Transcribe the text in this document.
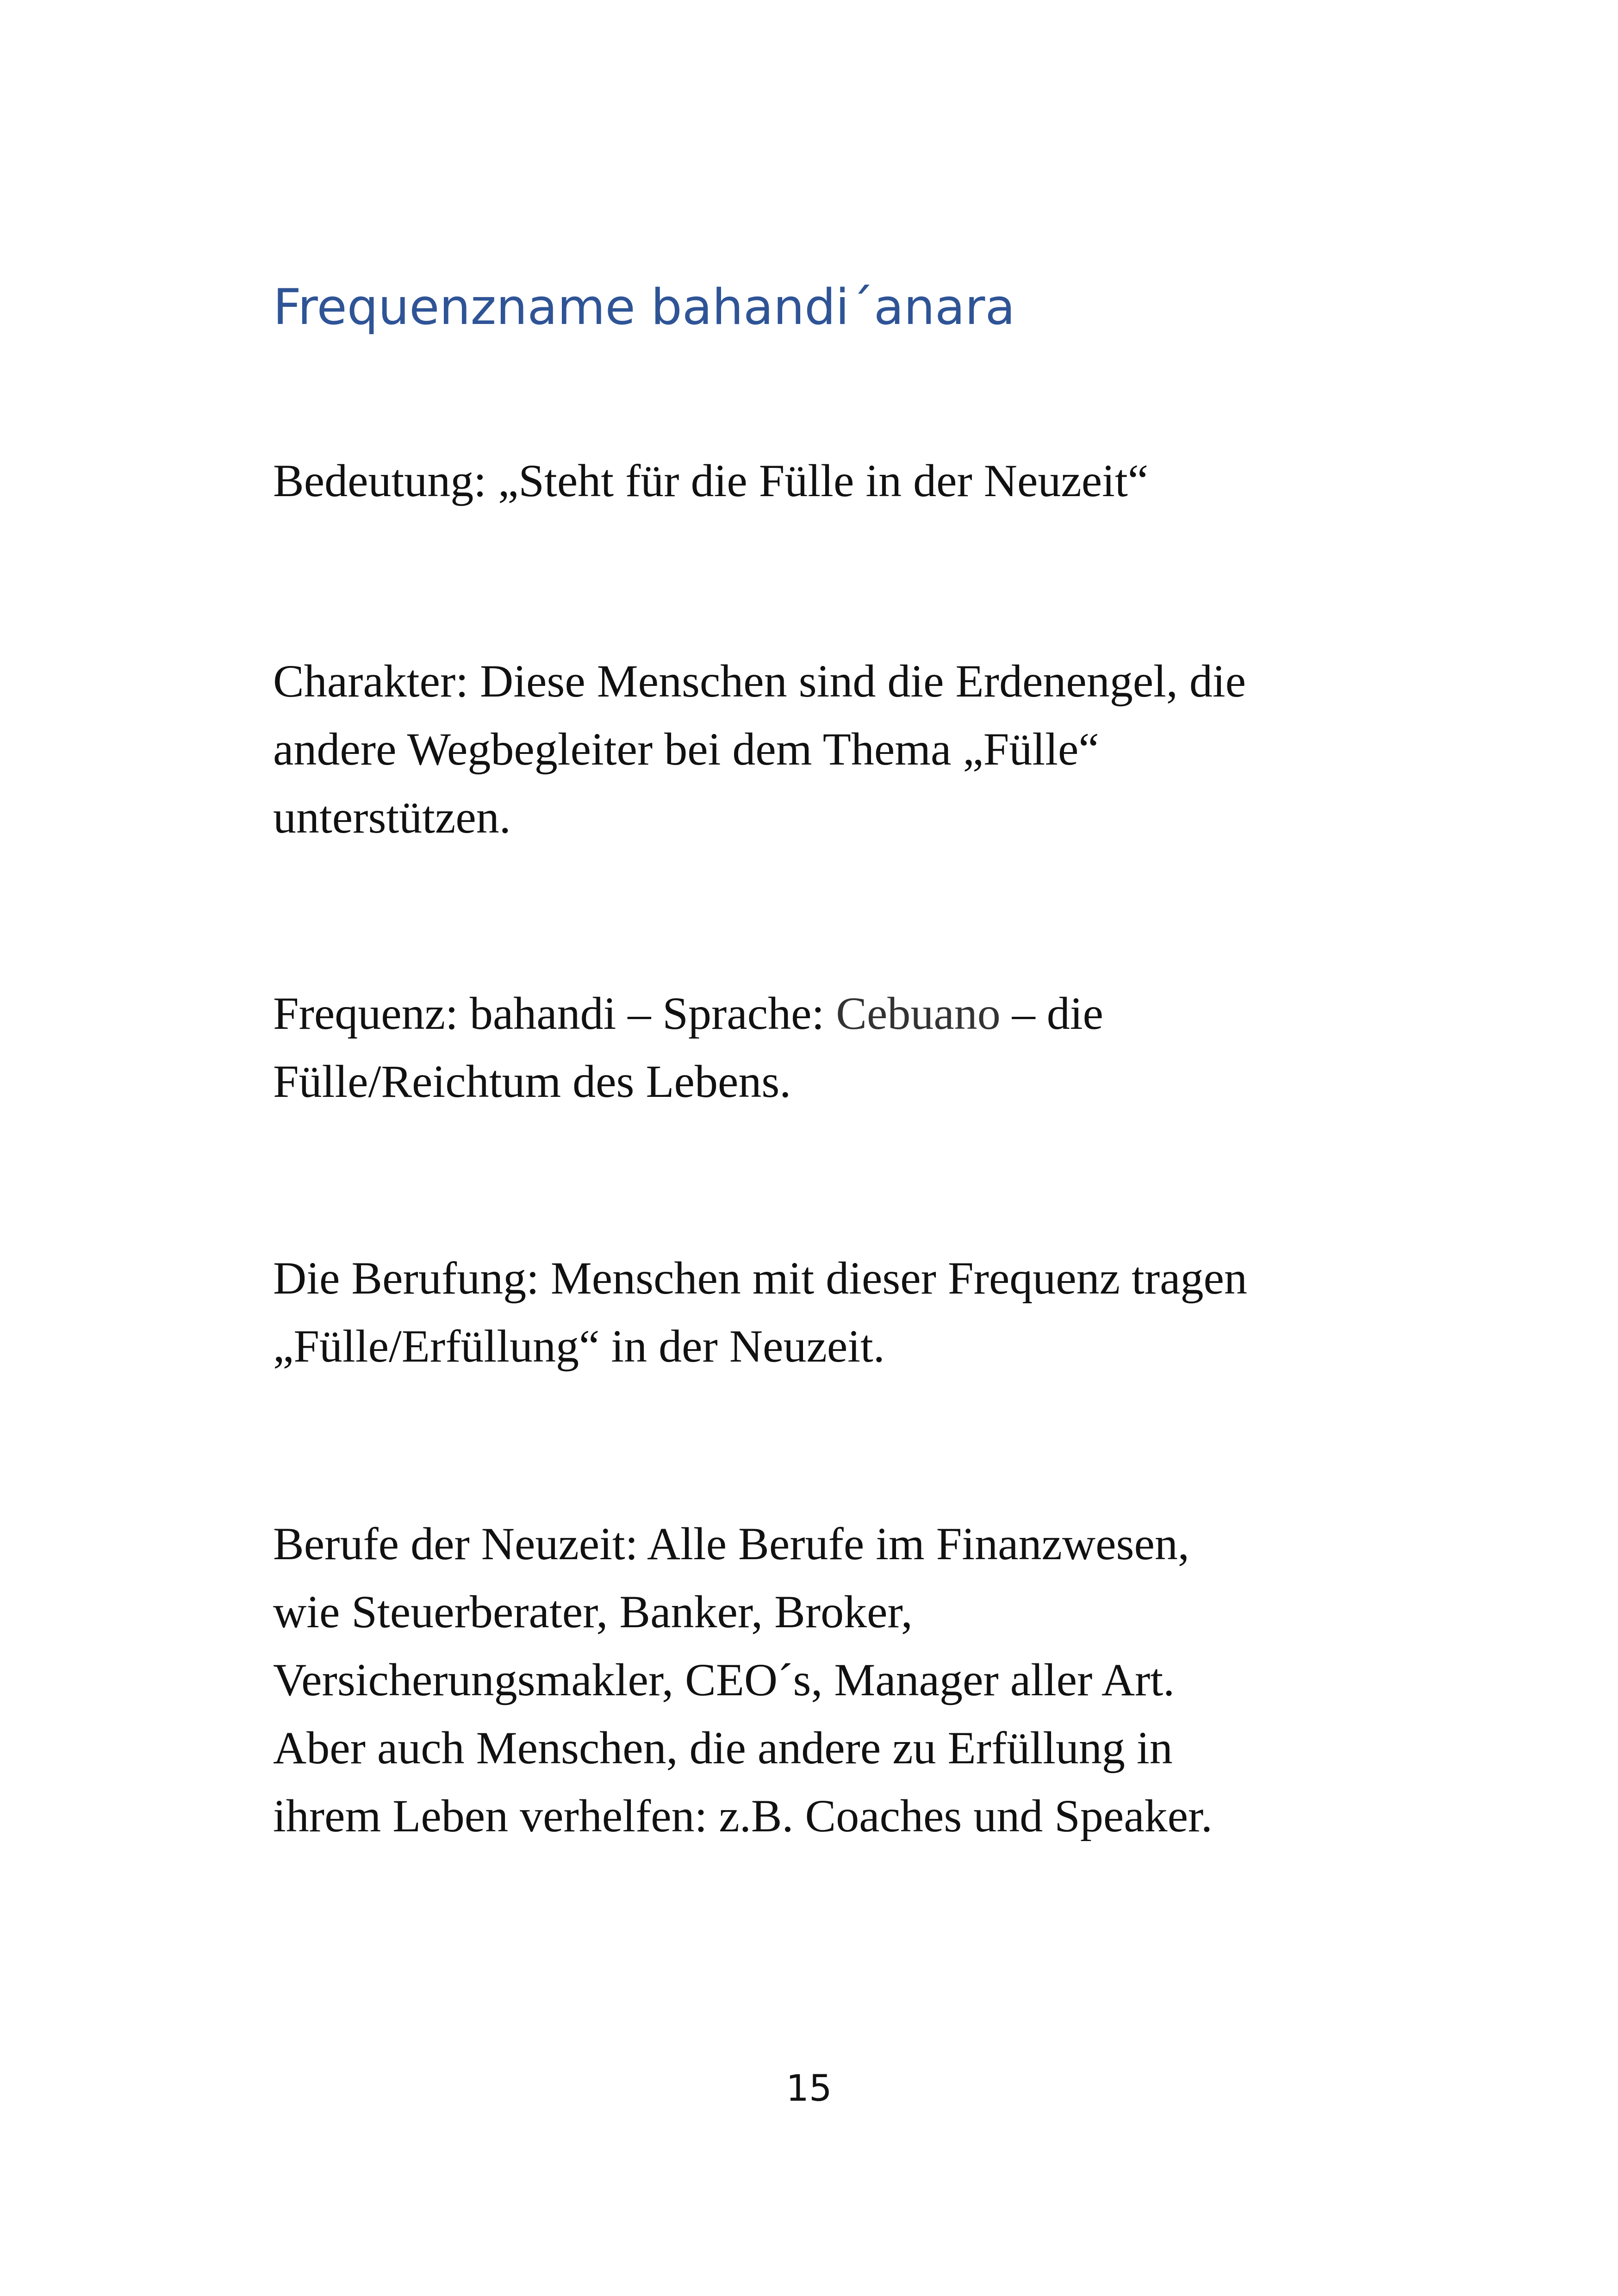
Frequenzname bahandi´anara

Bedeutung: „Steht für die Fülle in der Neuzeit“

Charakter: Diese Menschen sind die Erdenengel, die
andere Wegbegleiter bei dem Thema „Fülle“
unterstützen.

Frequenz: bahandi – Sprache: Cebuano – die
Fülle/Reichtum des Lebens.

Die Berufung: Menschen mit dieser Frequenz tragen
„Fülle/Erfüllung“ in der Neuzeit.

Berufe der Neuzeit: Alle Berufe im Finanzwesen,
wie Steuerberater, Banker, Broker,
Versicherungsmakler, CEO´s, Manager aller Art.
Aber auch Menschen, die andere zu Erfüllung in
ihrem Leben verhelfen: z.B. Coaches und Speaker.

15
